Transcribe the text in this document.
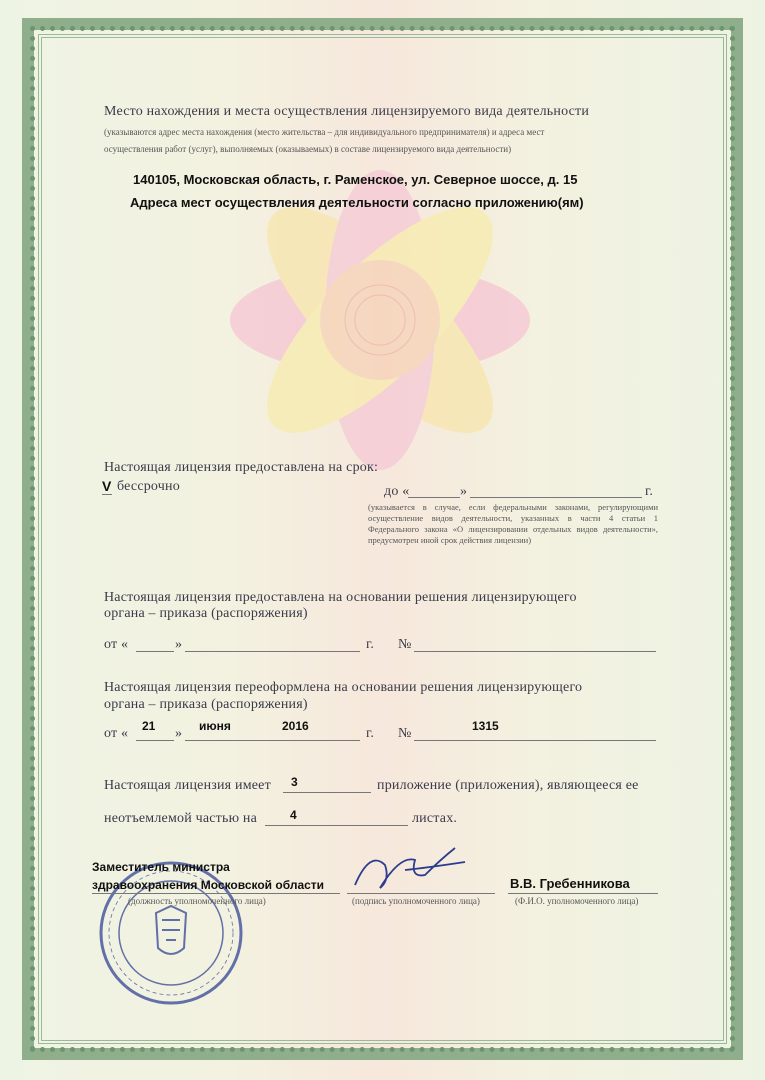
Место нахождения и места осуществления лицензируемого вида деятельности
(указываются адрес места нахождения (место жительства – для индивидуального предпринимателя) и адреса мест
осуществления работ (услуг), выполняемых (оказываемых) в составе лицензируемого вида деятельности)
140105, Московская область, г. Раменское, ул. Северное шоссе, д. 15
Адреса мест осуществления деятельности согласно приложению(ям)
Настоящая лицензия предоставлена на срок:
V бессрочно	до «	»	г.
(указывается в случае, если федеральными законами, регулирующими осуществление видов деятельности, указанных в части 4 статьи 1 Федерального закона «О лицензировании отдельных видов деятельности», предусмотрен иной срок действия лицензии)
Настоящая лицензия предоставлена на основании решения лицензирующего
органа – приказа (распоряжения)
от «	»	г. №
Настоящая лицензия переоформлена на основании решения лицензирующего
органа – приказа (распоряжения)
от « 21 » июня	2016	г. №	1315
Настоящая лицензия имеет 3	приложение (приложения), являющееся ее
неотъемлемой частью на	4	листах.
Заместитель министра
здравоохранения Московской области
(должность уполномоченного лица)	(подпись уполномоченного лица)
В.В. Гребенникова
(Ф.И.О. уполномоченного лица)
